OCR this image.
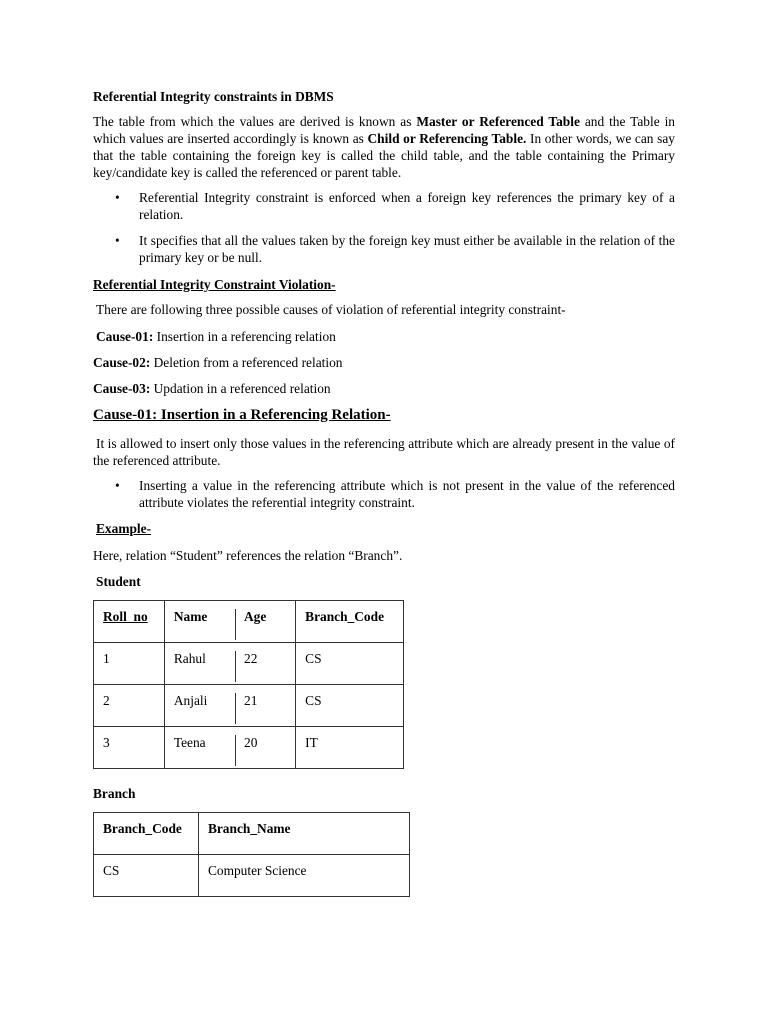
Referential Integrity constraints in DBMS

The table from which the values are derived is known as Master or Referenced Table and the Table in which values are inserted accordingly is known as Child or Referencing Table. In other words, we can say that the table containing the foreign key is called the child table, and the table containing the Primary key/candidate key is called the referenced or parent table.

• Referential Integrity constraint is enforced when a foreign key references the primary key of a relation.
• It specifies that all the values taken by the foreign key must either be available in the relation of the primary key or be null.

Referential Integrity Constraint Violation-

There are following three possible causes of violation of referential integrity constraint-

Cause-01: Insertion in a referencing relation

Cause-02: Deletion from a referenced relation

Cause-03: Updation in a referenced relation

Cause-01: Insertion in a Referencing Relation-

It is allowed to insert only those values in the referencing attribute which are already present in the value of the referenced attribute.

• Inserting a value in the referencing attribute which is not present in the value of the referenced attribute violates the referential integrity constraint.

Example-

Here, relation “Student” references the relation “Branch”.

Student

Roll_no	Name	Age	Branch_Code
1	Rahul	22	CS
2	Anjali	21	CS
3	Teena	20	IT

Branch

Branch_Code	Branch_Name
CS	Computer Science
